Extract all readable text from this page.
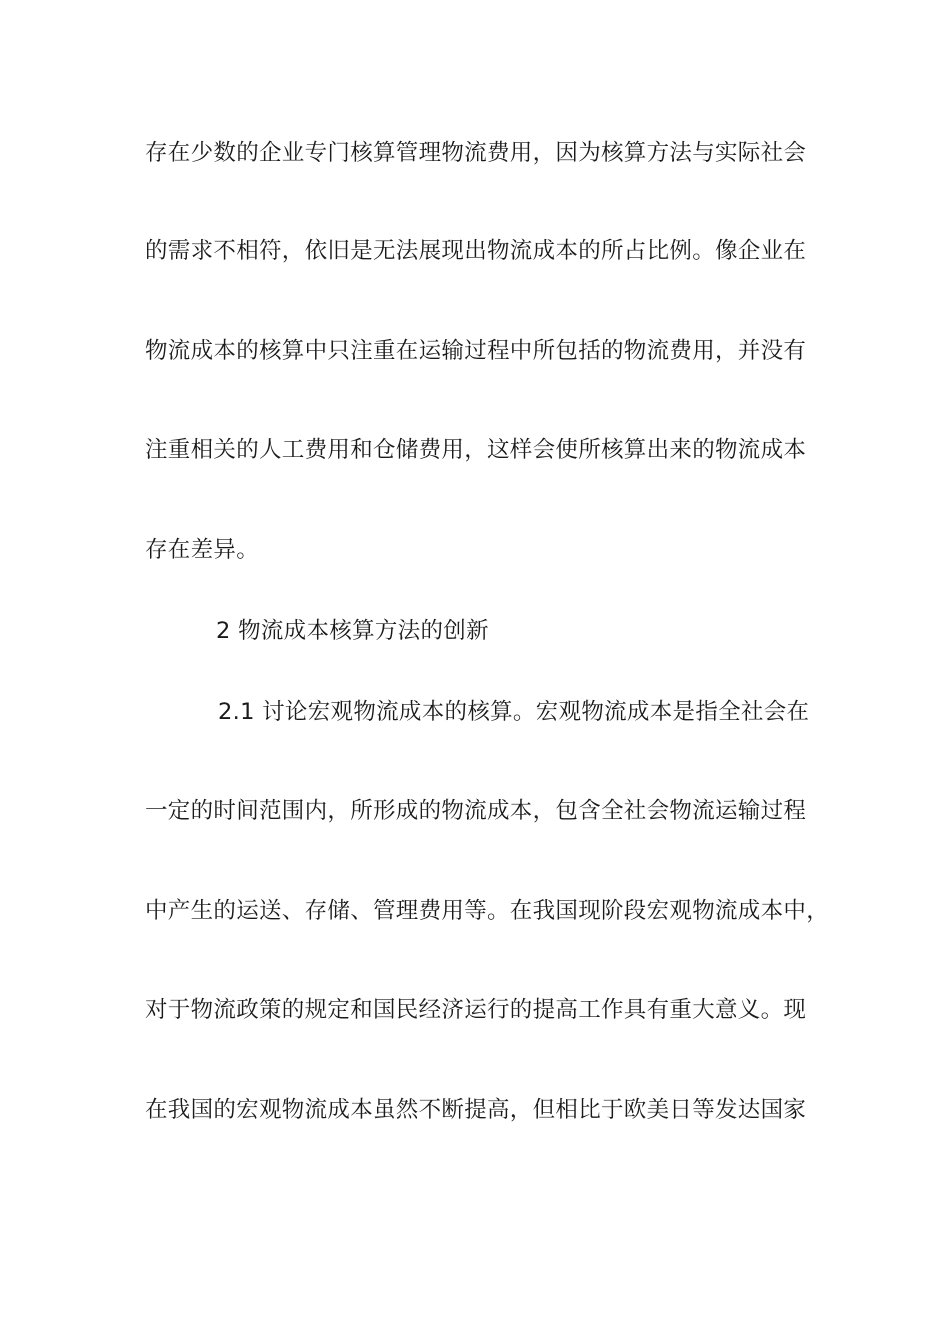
存在少数的企业专门核算管理物流费用，因为核算方法与实际社会
的需求不相符，依旧是无法展现出物流成本的所占比例。像企业在
物流成本的核算中只注重在运输过程中所包括的物流费用，并没有
注重相关的人工费用和仓储费用，这样会使所核算出来的物流成本
存在差异。
2 物流成本核算方法的创新
2.1 讨论宏观物流成本的核算。宏观物流成本是指全社会在
一定的时间范围内，所形成的物流成本，包含全社会物流运输过程
中产生的运送、存储、管理费用等。在我国现阶段宏观物流成本中，
对于物流政策的规定和国民经济运行的提高工作具有重大意义。现
在我国的宏观物流成本虽然不断提高，但相比于欧美日等发达国家
